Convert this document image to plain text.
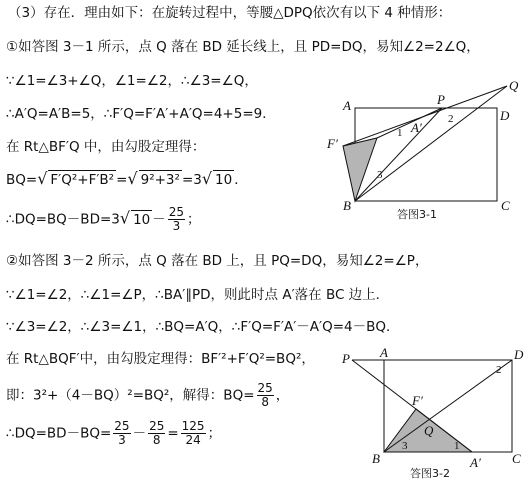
（3）存在．理由如下：在旋转过程中，等腰△DPQ依次有以下 4 种情形：
①如答图 3－1 所示，点 Q 落在 BD 延长线上，且 PD=DQ，易知∠2=2∠Q，
∵∠1=∠3+∠Q，∠1=∠2，∴∠3=∠Q，
∴A′Q=A′B=5，∴F′Q=F′A′+A′Q=4+5=9．
在 Rt△BF′Q 中，由勾股定理得：
BQ=√ F′Q²+F′B² =√ 9²+3² =3√ 10 ．
∴DQ=BQ－BD=3√ $10 - \frac{25}{3}$ ；
②如答图 3－2 所示，点 Q 落在 BD 上，且 PQ=DQ，易知∠2=∠P，
∵∠1=∠2，∴∠1=∠P，∴BA′∥PD，则此时点 A′落在 BC 边上．
∵∠3=∠2，∴∠3=∠1，∴BQ=A′Q，∴F′Q=F′A′－A′Q=4－BQ．
在 Rt△BQF′中，由勾股定理得：BF′²+F′Q²=BQ²，
即：3²+（4－BQ）²=BQ²，解得：$BQ= \frac{25}{8}$ ，
∴DQ=BD－BQ= $\frac{25}{3} - \frac{25}{8} = \frac{125}{24}$ ；
A	P
D
Q
F′
A′
B	C
1
2
3
答图3-1
P A	D
F′
Q
B	A′ C
1
2
3
答图3-2
